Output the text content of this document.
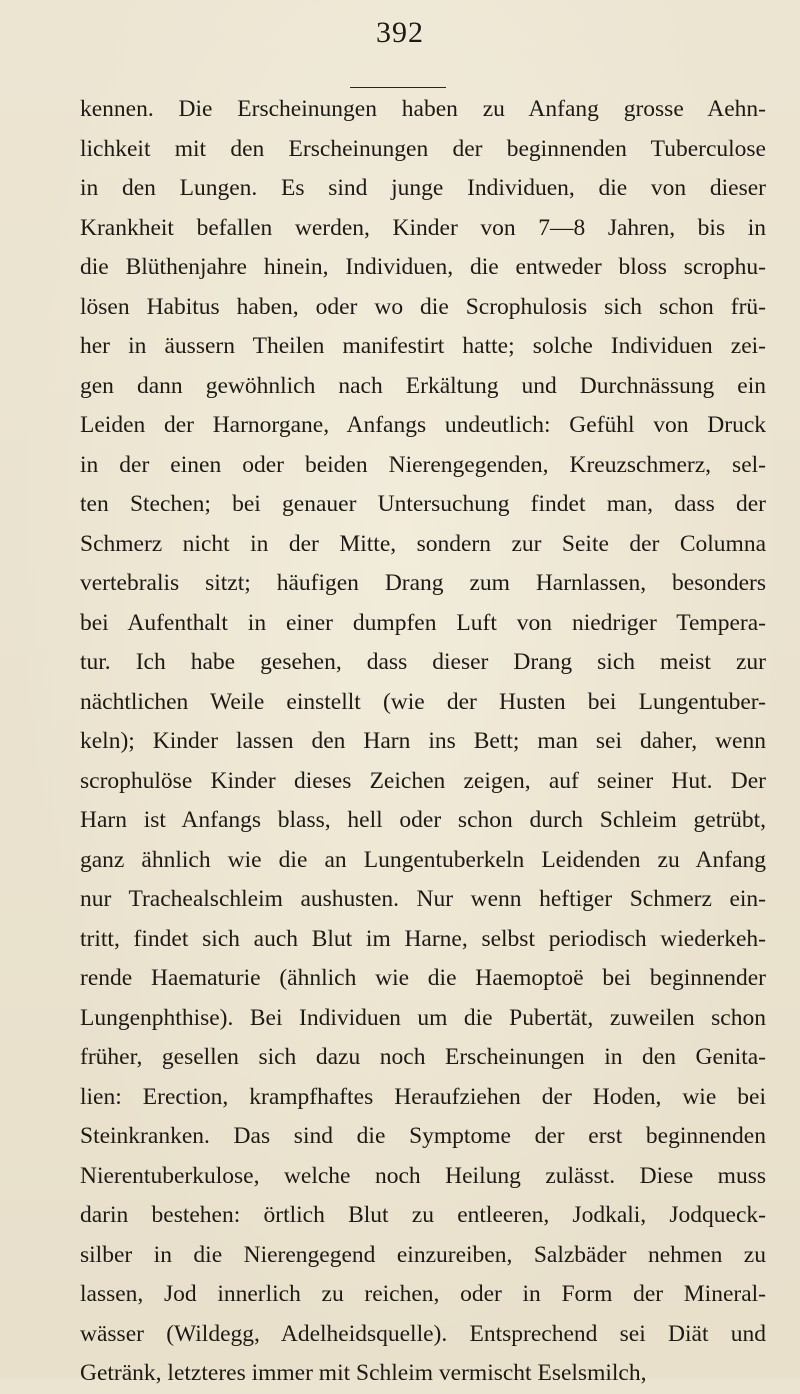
392
kennen. Die Erscheinungen haben zu Anfang grosse Aehn-
lichkeit mit den Erscheinungen der beginnenden Tuberculose
in den Lungen. Es sind junge Individuen, die von dieser
Krankheit befallen werden, Kinder von 7—8 Jahren, bis in
die Blüthenjahre hinein, Individuen, die entweder bloss scrophu-
lösen Habitus haben, oder wo die Scrophulosis sich schon frü-
her in äussern Theilen manifestirt hatte; solche Individuen zei-
gen dann gewöhnlich nach Erkältung und Durchnässung ein
Leiden der Harnorgane, Anfangs undeutlich: Gefühl von Druck
in der einen oder beiden Nierengegenden, Kreuzschmerz, sel-
ten Stechen; bei genauer Untersuchung findet man, dass der
Schmerz nicht in der Mitte, sondern zur Seite der Columna
vertebralis sitzt; häufigen Drang zum Harnlassen, besonders
bei Aufenthalt in einer dumpfen Luft von niedriger Tempera-
tur. Ich habe gesehen, dass dieser Drang sich meist zur
nächtlichen Weile einstellt (wie der Husten bei Lungentuber-
keln); Kinder lassen den Harn ins Bett; man sei daher, wenn
scrophulöse Kinder dieses Zeichen zeigen, auf seiner Hut. Der
Harn ist Anfangs blass, hell oder schon durch Schleim getrübt,
ganz ähnlich wie die an Lungentuberkeln Leidenden zu Anfang
nur Trachealschleim aushusten. Nur wenn heftiger Schmerz ein-
tritt, findet sich auch Blut im Harne, selbst periodisch wiederkeh-
rende Haematurie (ähnlich wie die Haemoptoë bei beginnender
Lungenphthise). Bei Individuen um die Pubertät, zuweilen schon
früher, gesellen sich dazu noch Erscheinungen in den Genita-
lien: Erection, krampfhaftes Heraufziehen der Hoden, wie bei
Steinkranken. Das sind die Symptome der erst beginnenden
Nierentuberkulose, welche noch Heilung zulässt. Diese muss
darin bestehen: örtlich Blut zu entleeren, Jodkali, Jodqueck-
silber in die Nierengegend einzureiben, Salzbäder nehmen zu
lassen, Jod innerlich zu reichen, oder in Form der Mineral-
wässer (Wildegg, Adelheidsquelle). Entsprechend sei Diät und
Getränk, letzteres immer mit Schleim vermischt Eselsmilch,
